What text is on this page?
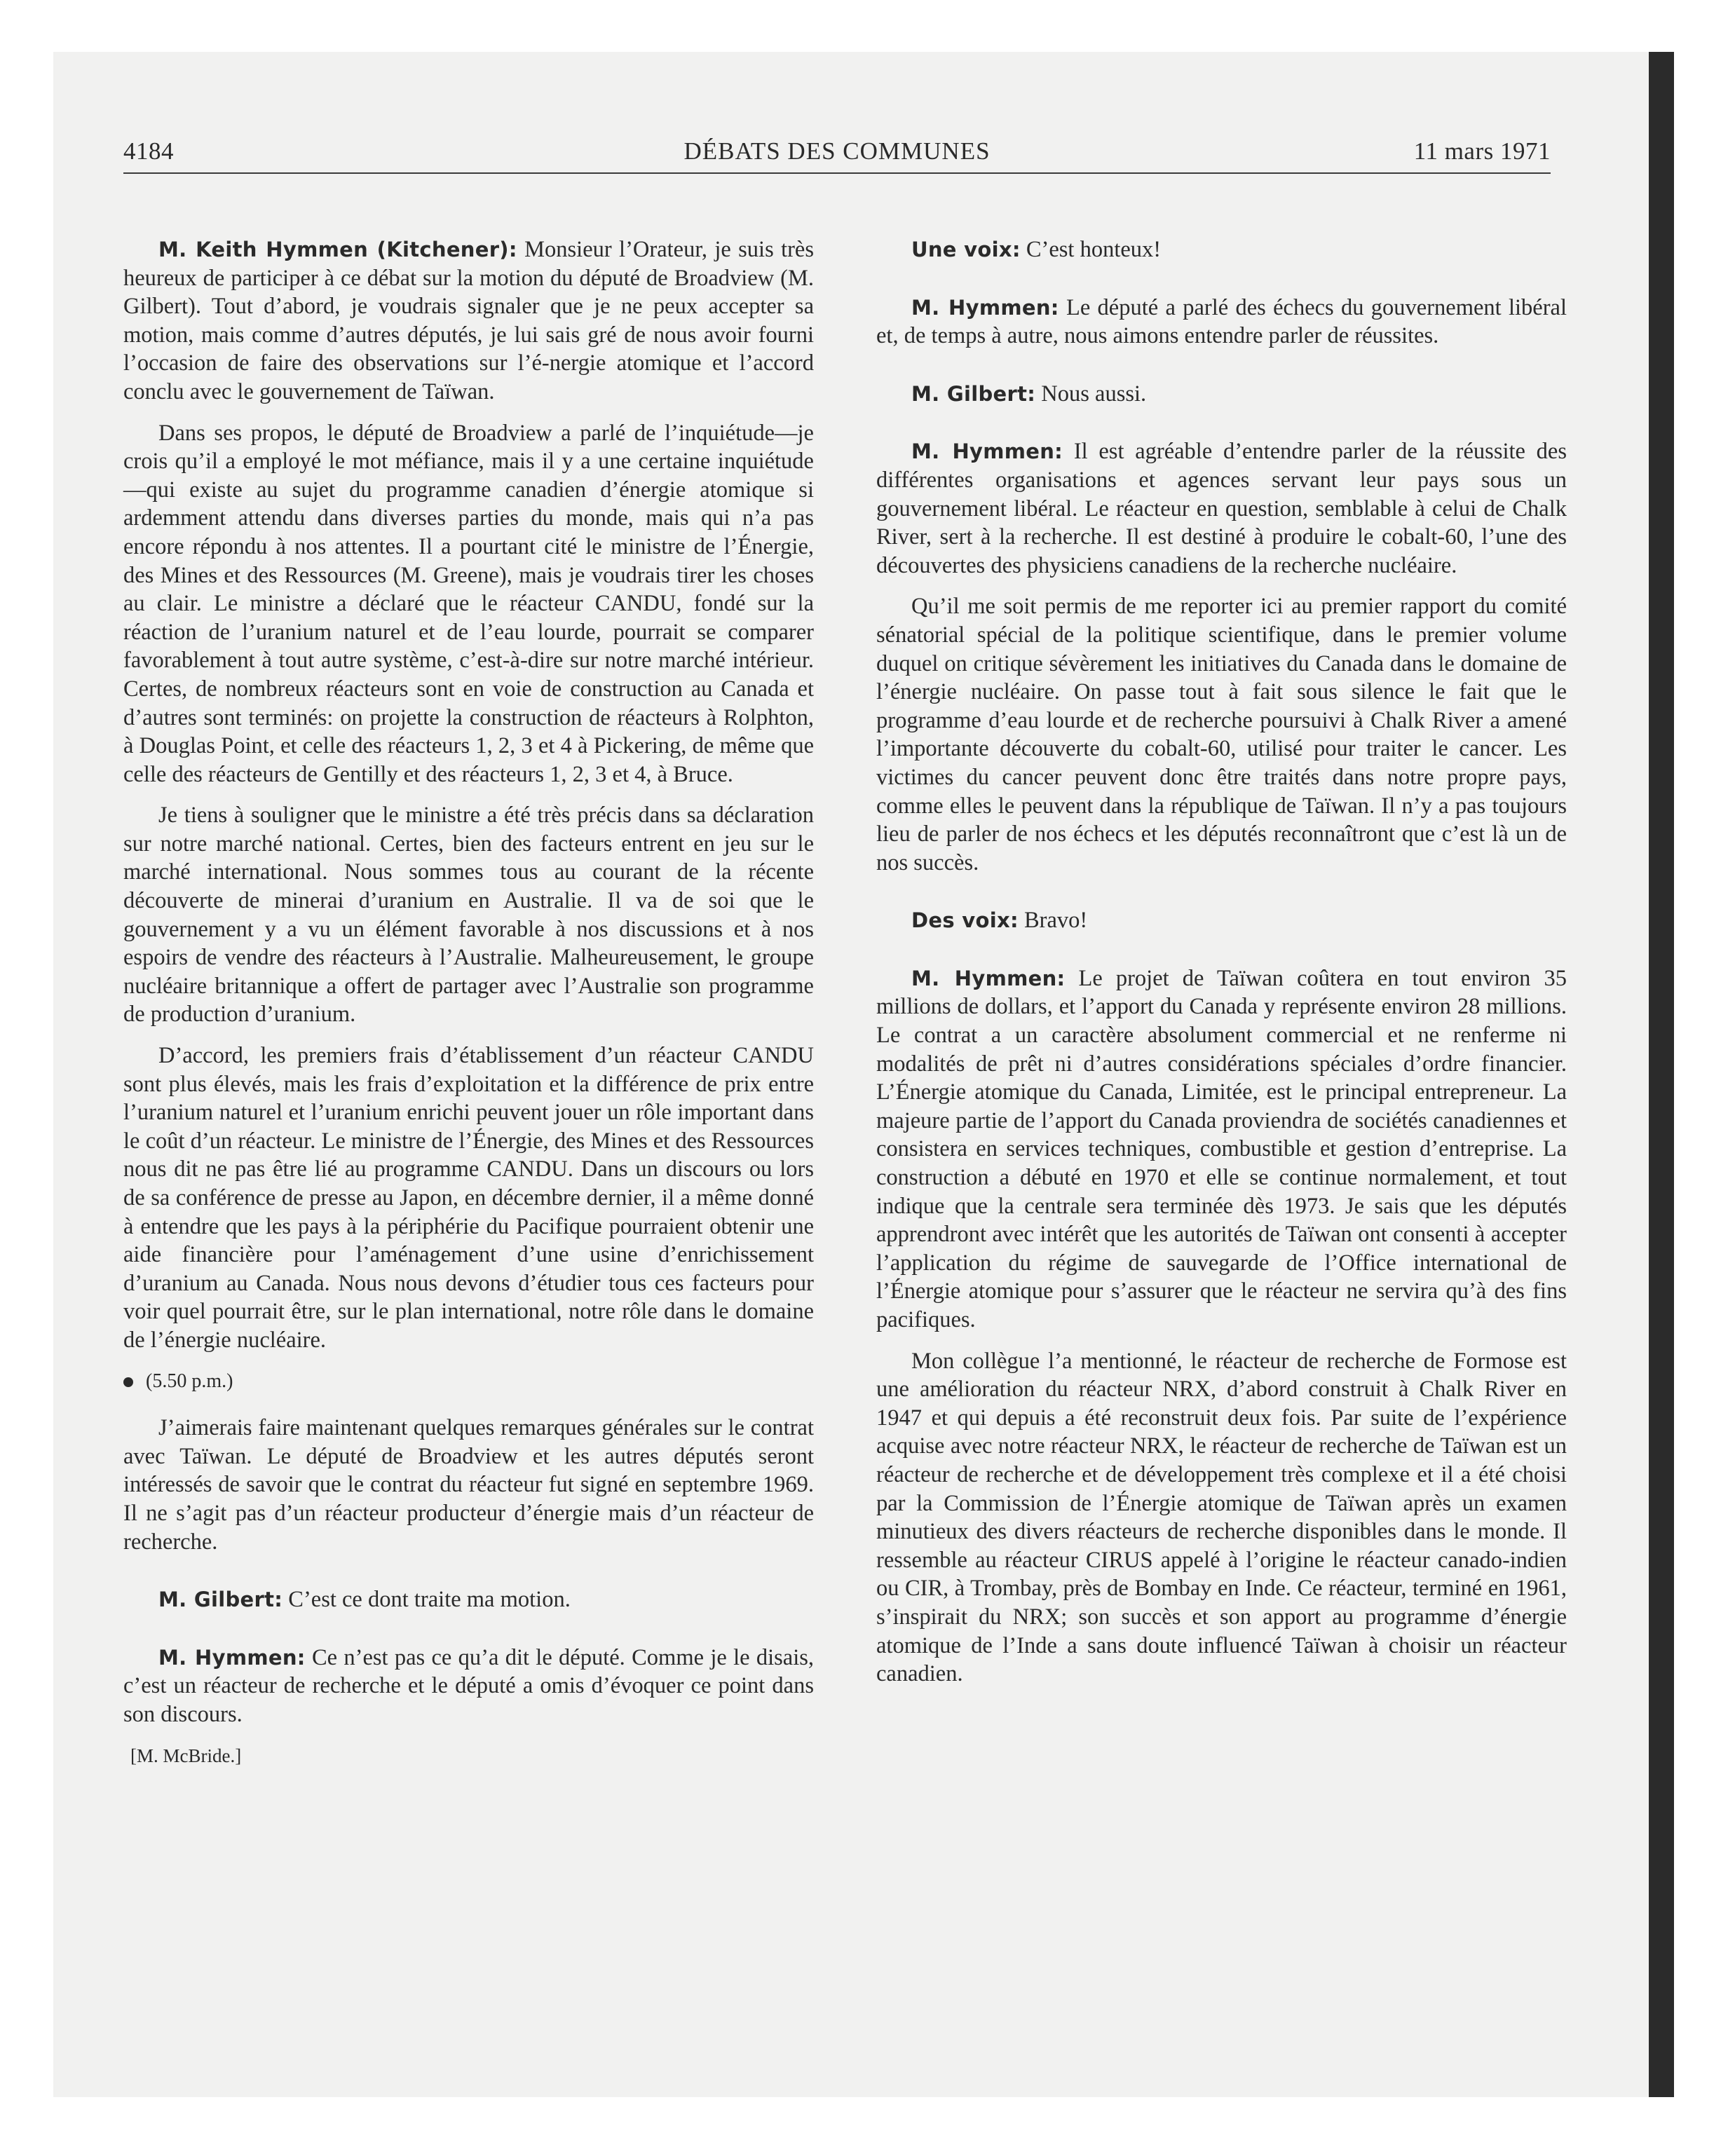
4184	DÉBATS DES COMMUNES	11 mars 1971

M. Keith Hymmen (Kitchener): Monsieur l’Orateur, je suis très heureux de participer à ce débat sur la motion du député de Broadview (M. Gilbert). Tout d’abord, je voudrais signaler que je ne peux accepter sa motion, mais comme d’autres députés, je lui sais gré de nous avoir fourni l’occasion de faire des observations sur l’é-nergie atomique et l’accord conclu avec le gouvernement de Taïwan.

Dans ses propos, le député de Broadview a parlé de l’inquiétude—je crois qu’il a employé le mot méfiance, mais il y a une certaine inquiétude—qui existe au sujet du programme canadien d’énergie atomique si ardemment attendu dans diverses parties du monde, mais qui n’a pas encore répondu à nos attentes. Il a pourtant cité le ministre de l’Énergie, des Mines et des Ressources (M. Greene), mais je voudrais tirer les choses au clair. Le ministre a déclaré que le réacteur CANDU, fondé sur la réaction de l’uranium naturel et de l’eau lourde, pourrait se comparer favorablement à tout autre système, c’est-à-dire sur notre marché intérieur. Certes, de nombreux réacteurs sont en voie de construction au Canada et d’autres sont terminés: on projette la construction de réacteurs à Rolphton, à Douglas Point, et celle des réacteurs 1, 2, 3 et 4 à Pickering, de même que celle des réacteurs de Gentilly et des réacteurs 1, 2, 3 et 4, à Bruce.

Je tiens à souligner que le ministre a été très précis dans sa déclaration sur notre marché national. Certes, bien des facteurs entrent en jeu sur le marché international. Nous sommes tous au courant de la récente découverte de minerai d’uranium en Australie. Il va de soi que le gouvernement y a vu un élément favorable à nos discussions et à nos espoirs de vendre des réacteurs à l’Australie. Malheureusement, le groupe nucléaire britannique a offert de partager avec l’Australie son programme de production d’uranium.

D’accord, les premiers frais d’établissement d’un réacteur CANDU sont plus élevés, mais les frais d’exploitation et la différence de prix entre l’uranium naturel et l’uranium enrichi peuvent jouer un rôle important dans le coût d’un réacteur. Le ministre de l’Énergie, des Mines et des Ressources nous dit ne pas être lié au programme CANDU. Dans un discours ou lors de sa conférence de presse au Japon, en décembre dernier, il a même donné à entendre que les pays à la périphérie du Pacifique pourraient obtenir une aide financière pour l’aménagement d’une usine d’enrichissement d’uranium au Canada. Nous nous devons d’étudier tous ces facteurs pour voir quel pourrait être, sur le plan international, notre rôle dans le domaine de l’énergie nucléaire.

(5.50 p.m.)

J’aimerais faire maintenant quelques remarques générales sur le contrat avec Taïwan. Le député de Broadview et les autres députés seront intéressés de savoir que le contrat du réacteur fut signé en septembre 1969. Il ne s’agit pas d’un réacteur producteur d’énergie mais d’un réacteur de recherche.

M. Gilbert: C’est ce dont traite ma motion.

M. Hymmen: Ce n’est pas ce qu’a dit le député. Comme je le disais, c’est un réacteur de recherche et le député a omis d’évoquer ce point dans son discours.

[M. McBride.]

Une voix: C’est honteux!

M. Hymmen: Le député a parlé des échecs du gouvernement libéral et, de temps à autre, nous aimons entendre parler de réussites.

M. Gilbert: Nous aussi.

M. Hymmen: Il est agréable d’entendre parler de la réussite des différentes organisations et agences servant leur pays sous un gouvernement libéral. Le réacteur en question, semblable à celui de Chalk River, sert à la recherche. Il est destiné à produire le cobalt-60, l’une des découvertes des physiciens canadiens de la recherche nucléaire.

Qu’il me soit permis de me reporter ici au premier rapport du comité sénatorial spécial de la politique scientifique, dans le premier volume duquel on critique sévèrement les initiatives du Canada dans le domaine de l’énergie nucléaire. On passe tout à fait sous silence le fait que le programme d’eau lourde et de recherche poursuivi à Chalk River a amené l’importante découverte du cobalt-60, utilisé pour traiter le cancer. Les victimes du cancer peuvent donc être traités dans notre propre pays, comme elles le peuvent dans la république de Taïwan. Il n’y a pas toujours lieu de parler de nos échecs et les députés reconnaîtront que c’est là un de nos succès.

Des voix: Bravo!

M. Hymmen: Le projet de Taïwan coûtera en tout environ 35 millions de dollars, et l’apport du Canada y représente environ 28 millions. Le contrat a un caractère absolument commercial et ne renferme ni modalités de prêt ni d’autres considérations spéciales d’ordre financier. L’Énergie atomique du Canada, Limitée, est le principal entrepreneur. La majeure partie de l’apport du Canada proviendra de sociétés canadiennes et consistera en services techniques, combustible et gestion d’entreprise. La construction a débuté en 1970 et elle se continue normalement, et tout indique que la centrale sera terminée dès 1973. Je sais que les députés apprendront avec intérêt que les autorités de Taïwan ont consenti à accepter l’application du régime de sauvegarde de l’Office international de l’Énergie atomique pour s’assurer que le réacteur ne servira qu’à des fins pacifiques.

Mon collègue l’a mentionné, le réacteur de recherche de Formose est une amélioration du réacteur NRX, d’abord construit à Chalk River en 1947 et qui depuis a été reconstruit deux fois. Par suite de l’expérience acquise avec notre réacteur NRX, le réacteur de recherche de Taïwan est un réacteur de recherche et de développement très complexe et il a été choisi par la Commission de l’Énergie atomique de Taïwan après un examen minutieux des divers réacteurs de recherche disponibles dans le monde. Il ressemble au réacteur CIRUS appelé à l’origine le réacteur canado-indien ou CIR, à Trombay, près de Bombay en Inde. Ce réacteur, terminé en 1961, s’inspirait du NRX; son succès et son apport au programme d’énergie atomique de l’Inde a sans doute influencé Taïwan à choisir un réacteur canadien.
